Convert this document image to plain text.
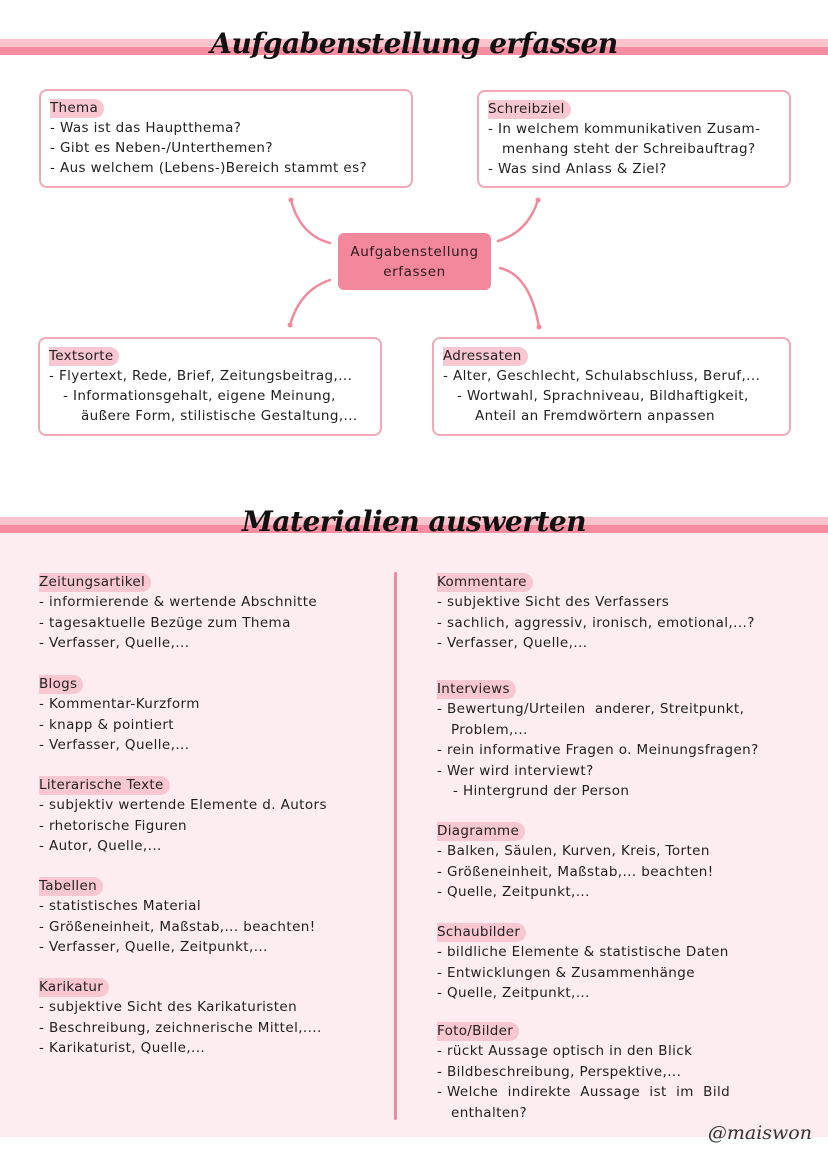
Aufgabenstellung erfassen
Thema
- Was ist das Hauptthema?
- Gibt es Neben-/Unterthemen?
- Aus welchem (Lebens-)Bereich stammt es?
Schreibziel
- In welchem kommunikativen Zusam-
menhang steht der Schreibauftrag?
- Was sind Anlass & Ziel?
Aufgabenstellung
erfassen
Textsorte
- Flyertext, Rede, Brief, Zeitungsbeitrag,...
- Informationsgehalt, eigene Meinung,
äußere Form, stilistische Gestaltung,...
Adressaten
- Alter, Geschlecht, Schulabschluss, Beruf,...
- Wortwahl, Sprachniveau, Bildhaftigkeit,
Anteil an Fremdwörtern anpassen
Materialien auswerten
Zeitungsartikel
- informierende & wertende Abschnitte
- tagesaktuelle Bezüge zum Thema
- Verfasser, Quelle,...
Blogs
- Kommentar-Kurzform
- knapp & pointiert
- Verfasser, Quelle,...
Literarische Texte
- subjektiv wertende Elemente d. Autors
- rhetorische Figuren
- Autor, Quelle,...
Tabellen
- statistisches Material
- Größeneinheit, Maßstab,... beachten!
- Verfasser, Quelle, Zeitpunkt,...
Karikatur
- subjektive Sicht des Karikaturisten
- Beschreibung, zeichnerische Mittel,....
- Karikaturist, Quelle,...
Kommentare
- subjektive Sicht des Verfassers
- sachlich, aggressiv, ironisch, emotional,...?
- Verfasser, Quelle,...
Interviews
- Bewertung/Urteilen  anderer, Streitpunkt,
Problem,...
- rein informative Fragen o. Meinungsfragen?
- Wer wird interviewt?
- Hintergrund der Person
Diagramme
- Balken, Säulen, Kurven, Kreis, Torten
- Größeneinheit, Maßstab,... beachten!
- Quelle, Zeitpunkt,...
Schaubilder
- bildliche Elemente & statistische Daten
- Entwicklungen & Zusammenhänge
- Quelle, Zeitpunkt,...
Foto/Bilder
- rückt Aussage optisch in den Blick
- Bildbeschreibung, Perspektive,...
- Welche  indirekte  Aussage  ist  im  Bild
enthalten?
@maiswon
